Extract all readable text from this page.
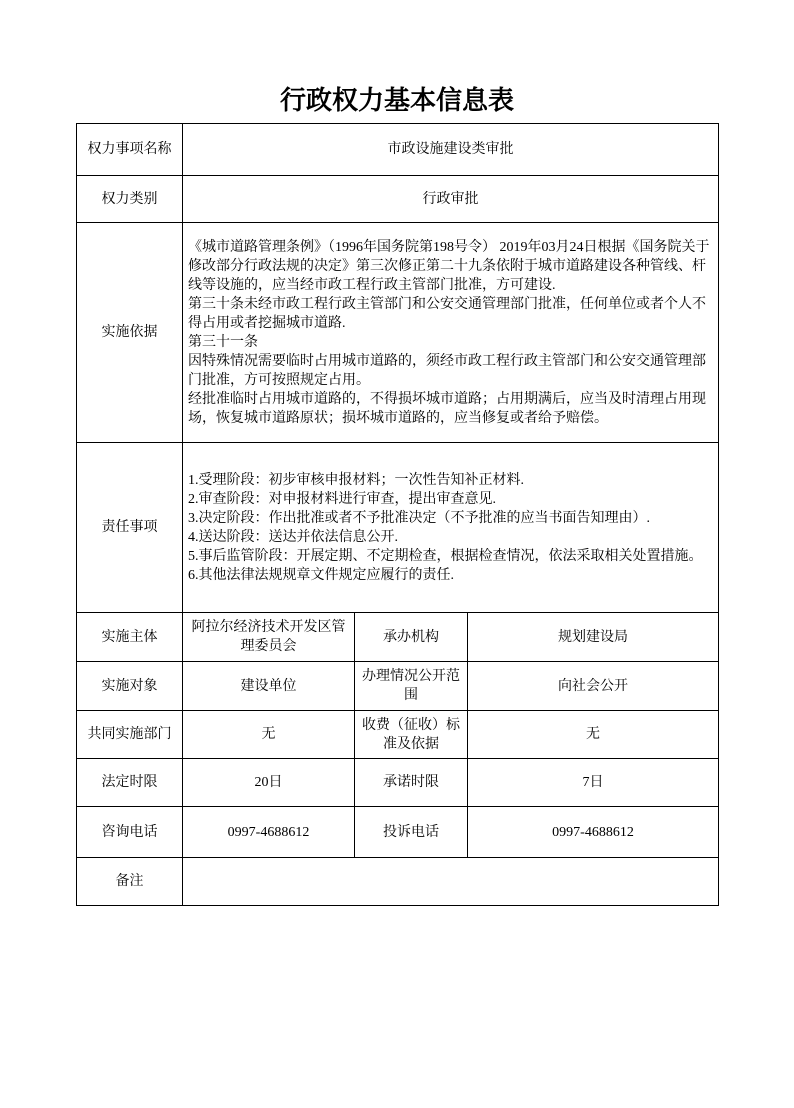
行政权力基本信息表
权力事项名称	市政设施建设类审批		
权力类别	行政审批		
实施依据	《城市道路管理条例》（1996年国务院第198号令） 2019年03月24日根据《国务院关于修改部分行政法规的决定》第三次修正第二十九条依附于城市道路建设各种管线、杆线等设施的，应当经市政工程行政主管部门批准，方可建设.
第三十条未经市政工程行政主管部门和公安交通管理部门批准，任何单位或者个人不得占用或者挖掘城市道路.
第三十一条
因特殊情况需要临时占用城市道路的，须经市政工程行政主管部门和公安交通管理部门批准，方可按照规定占用。
经批准临时占用城市道路的，不得损坏城市道路；占用期满后，应当及时清理占用现场，恢复城市道路原状；损坏城市道路的，应当修复或者给予赔偿。		

责任事项	
1.受理阶段：初步审核申报材料；一次性告知补正材料.
2.审查阶段：对申报材料进行审查，提出审查意见.
3.决定阶段：作出批准或者不予批准决定（不予批准的应当书面告知理由）.
4.送达阶段：送达并依法信息公开.
5.事后监管阶段：开展定期、不定期检查，根据检查情况，依法采取相关处置措施。
6.其他法律法规规章文件规定应履行的责任.

实施主体	阿拉尔经济技术开发区管理委员会	承办机构	规划建设局
实施对象	建设单位	办理情况公开范围	向社会公开
共同实施部门	无	收费（征收）标准及依据	无
法定时限	20日	承诺时限	7日
咨询电话	0997-4688612	投诉电话	0997-4688612
备注			
